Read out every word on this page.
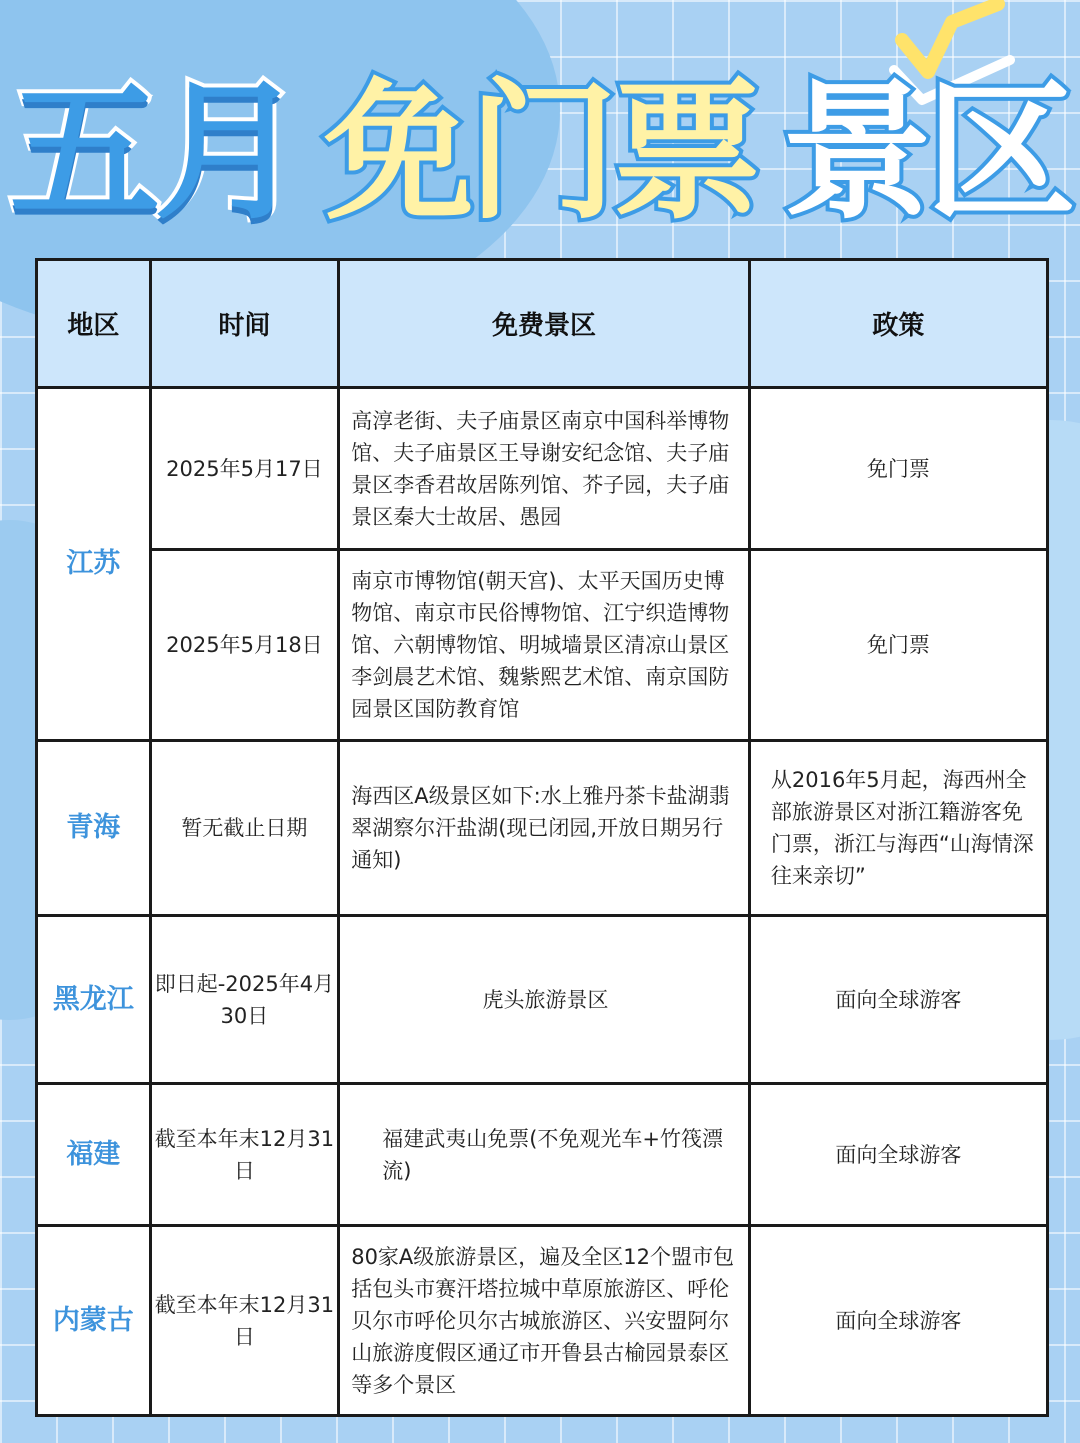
五月 免门票 景区
地区	时间	免费景区	政策
江苏	2025年5月17日	高淳老街、夫子庙景区南京中国科举博物馆、夫子庙景区王导谢安纪念馆、夫子庙景区李香君故居陈列馆、芥子园，夫子庙景区秦大士故居、愚园	免门票
	2025年5月18日	南京市博物馆(朝天宫)、太平天国历史博物馆、南京市民俗博物馆、江宁织造博物馆、六朝博物馆、明城墙景区清凉山景区李剑晨艺术馆、魏紫熙艺术馆、南京国防园景区国防教育馆	免门票
青海	暂无截止日期	海西区A级景区如下:水上雅丹茶卡盐湖翡翠湖察尔汗盐湖(现已闭园,开放日期另行通知)	从2016年5月起，海西州全部旅游景区对浙江籍游客免门票，浙江与海西“山海情深往来亲切”
黑龙江	即日起-2025年4月30日	虎头旅游景区	面向全球游客
福建	截至本年末12月31日	福建武夷山免票(不免观光车+竹筏漂流)	面向全球游客
内蒙古	截至本年末12月31日	80家A级旅游景区，遍及全区12个盟市包括包头市赛汗塔拉城中草原旅游区、呼伦贝尔市呼伦贝尔古城旅游区、兴安盟阿尔山旅游度假区通辽市开鲁县古榆园景泰区等多个景区	面向全球游客
